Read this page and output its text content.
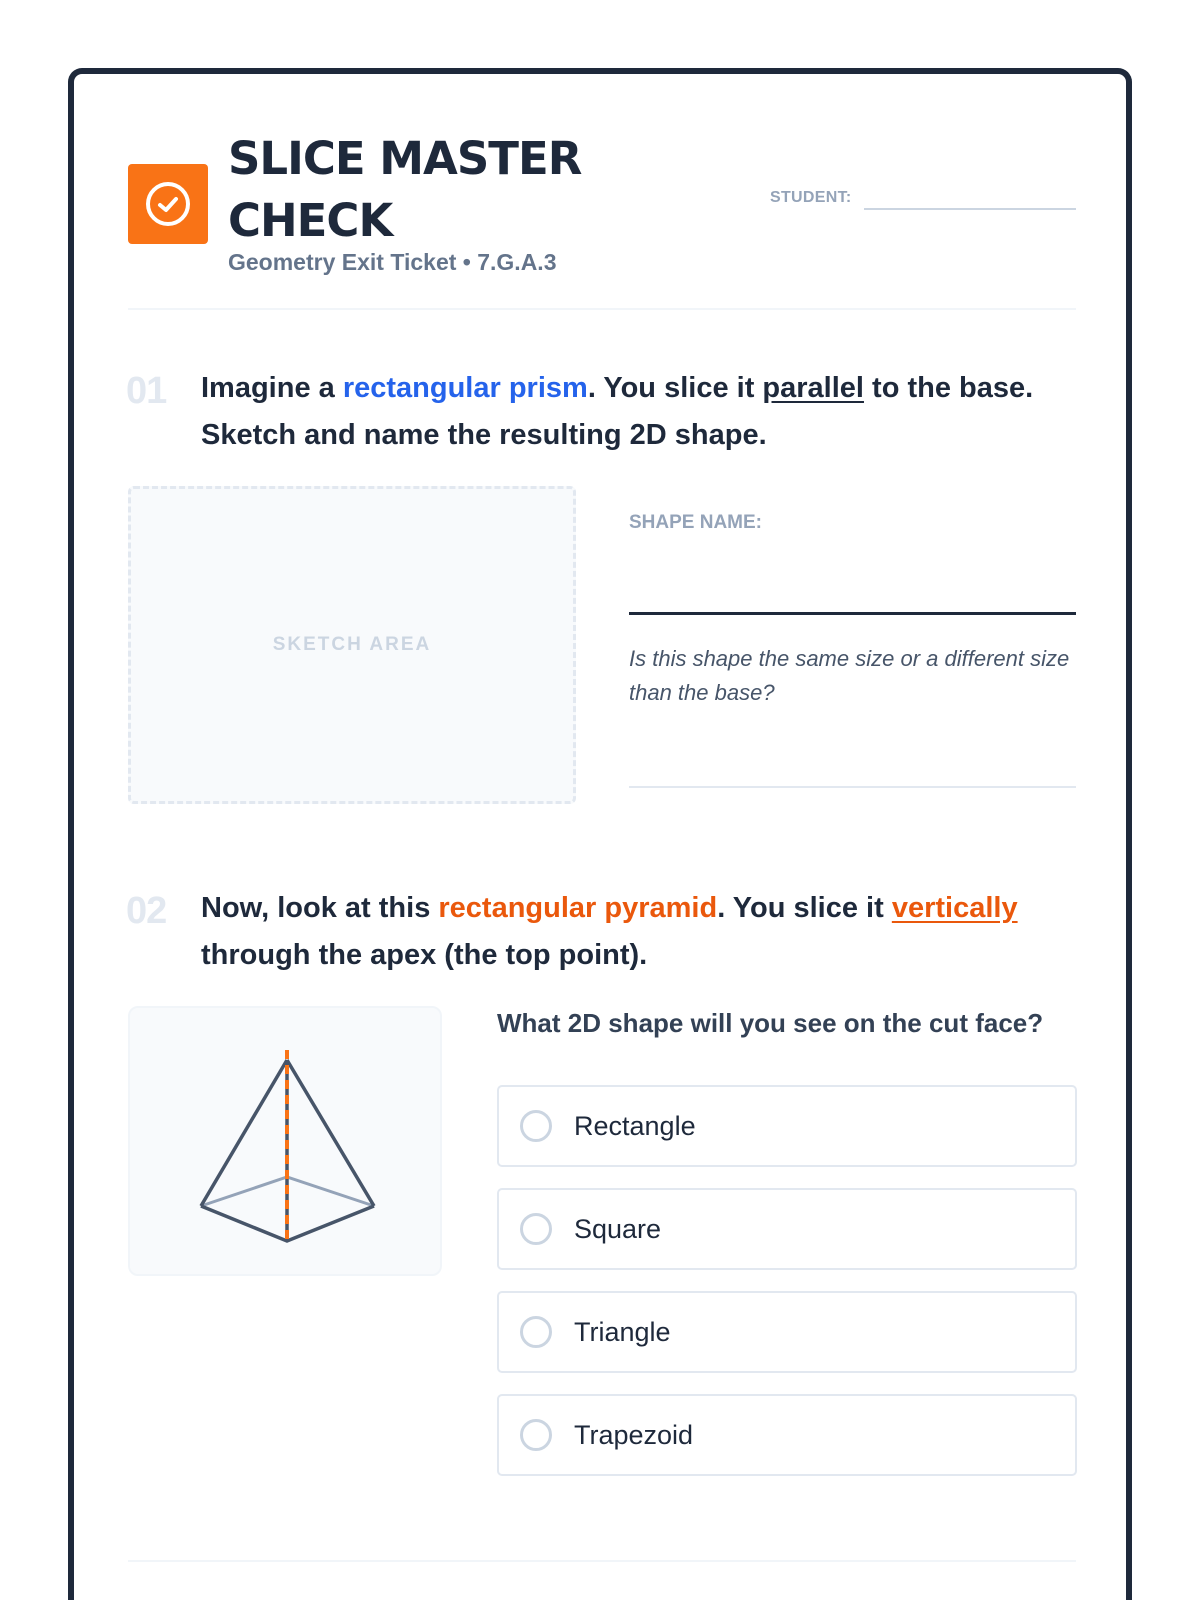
SLICE MASTER
CHECK
Geometry Exit Ticket • 7.G.A.3
STUDENT:
01 Imagine a rectangular prism. You slice it parallel to the base. Sketch and name the resulting 2D shape.
SKETCH AREA
SHAPE NAME:
Is this shape the same size or a different size than the base?
02 Now, look at this rectangular pyramid. You slice it vertically through the apex (the top point).
What 2D shape will you see on the cut face?
Rectangle
Square
Triangle
Trapezoid
